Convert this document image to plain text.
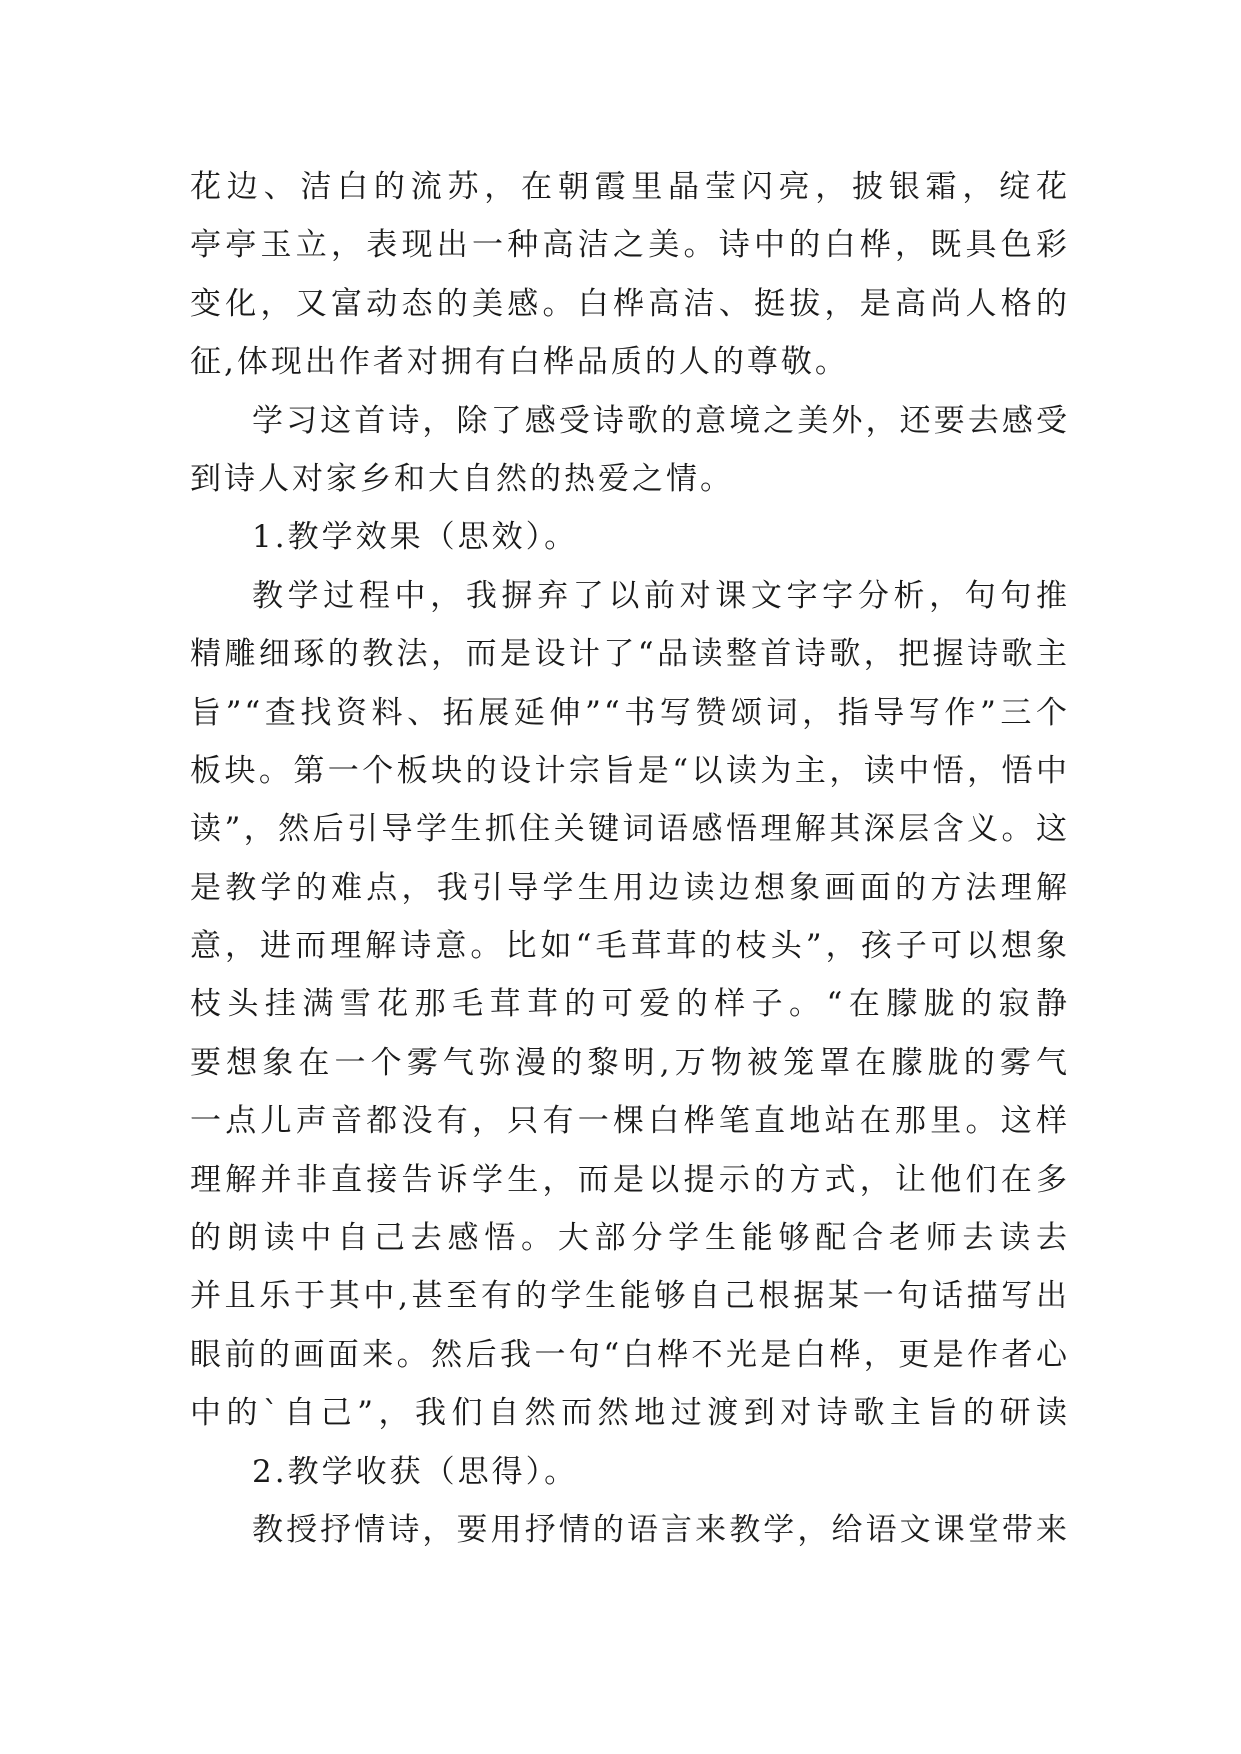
花边、洁白的流苏，在朝霞里晶莹闪亮，披银霜，绽花
亭亭玉立，表现出一种高洁之美。诗中的白桦，既具色彩
变化，又富动态的美感。白桦高洁、挺拔，是高尚人格的
征,体现出作者对拥有白桦品质的人的尊敬。
学习这首诗，除了感受诗歌的意境之美外，还要去感受
到诗人对家乡和大自然的热爱之情。
1.教学效果（思效）。
教学过程中，我摒弃了以前对课文字字分析，句句推
精雕细琢的教法，而是设计了“品读整首诗歌，把握诗歌主
旨”“查找资料、拓展延伸”“书写赞颂词，指导写作”三个
板块。第一个板块的设计宗旨是“以读为主，读中悟，悟中
读”，然后引导学生抓住关键词语感悟理解其深层含义。这
是教学的难点，我引导学生用边读边想象画面的方法理解
意，进而理解诗意。比如“毛茸茸的枝头”，孩子可以想象
枝头挂满雪花那毛茸茸的可爱的样子。“在朦胧的寂静
要想象在一个雾气弥漫的黎明,万物被笼罩在朦胧的雾气
一点儿声音都没有，只有一棵白桦笔直地站在那里。这样
理解并非直接告诉学生，而是以提示的方式，让他们在多
的朗读中自己去感悟。大部分学生能够配合老师去读去
并且乐于其中,甚至有的学生能够自己根据某一句话描写出
眼前的画面来。然后我一句“白桦不光是白桦，更是作者心
中的`自己”，我们自然而然地过渡到对诗歌主旨的研读
2.教学收获（思得）。
教授抒情诗，要用抒情的语言来教学，给语文课堂带来
